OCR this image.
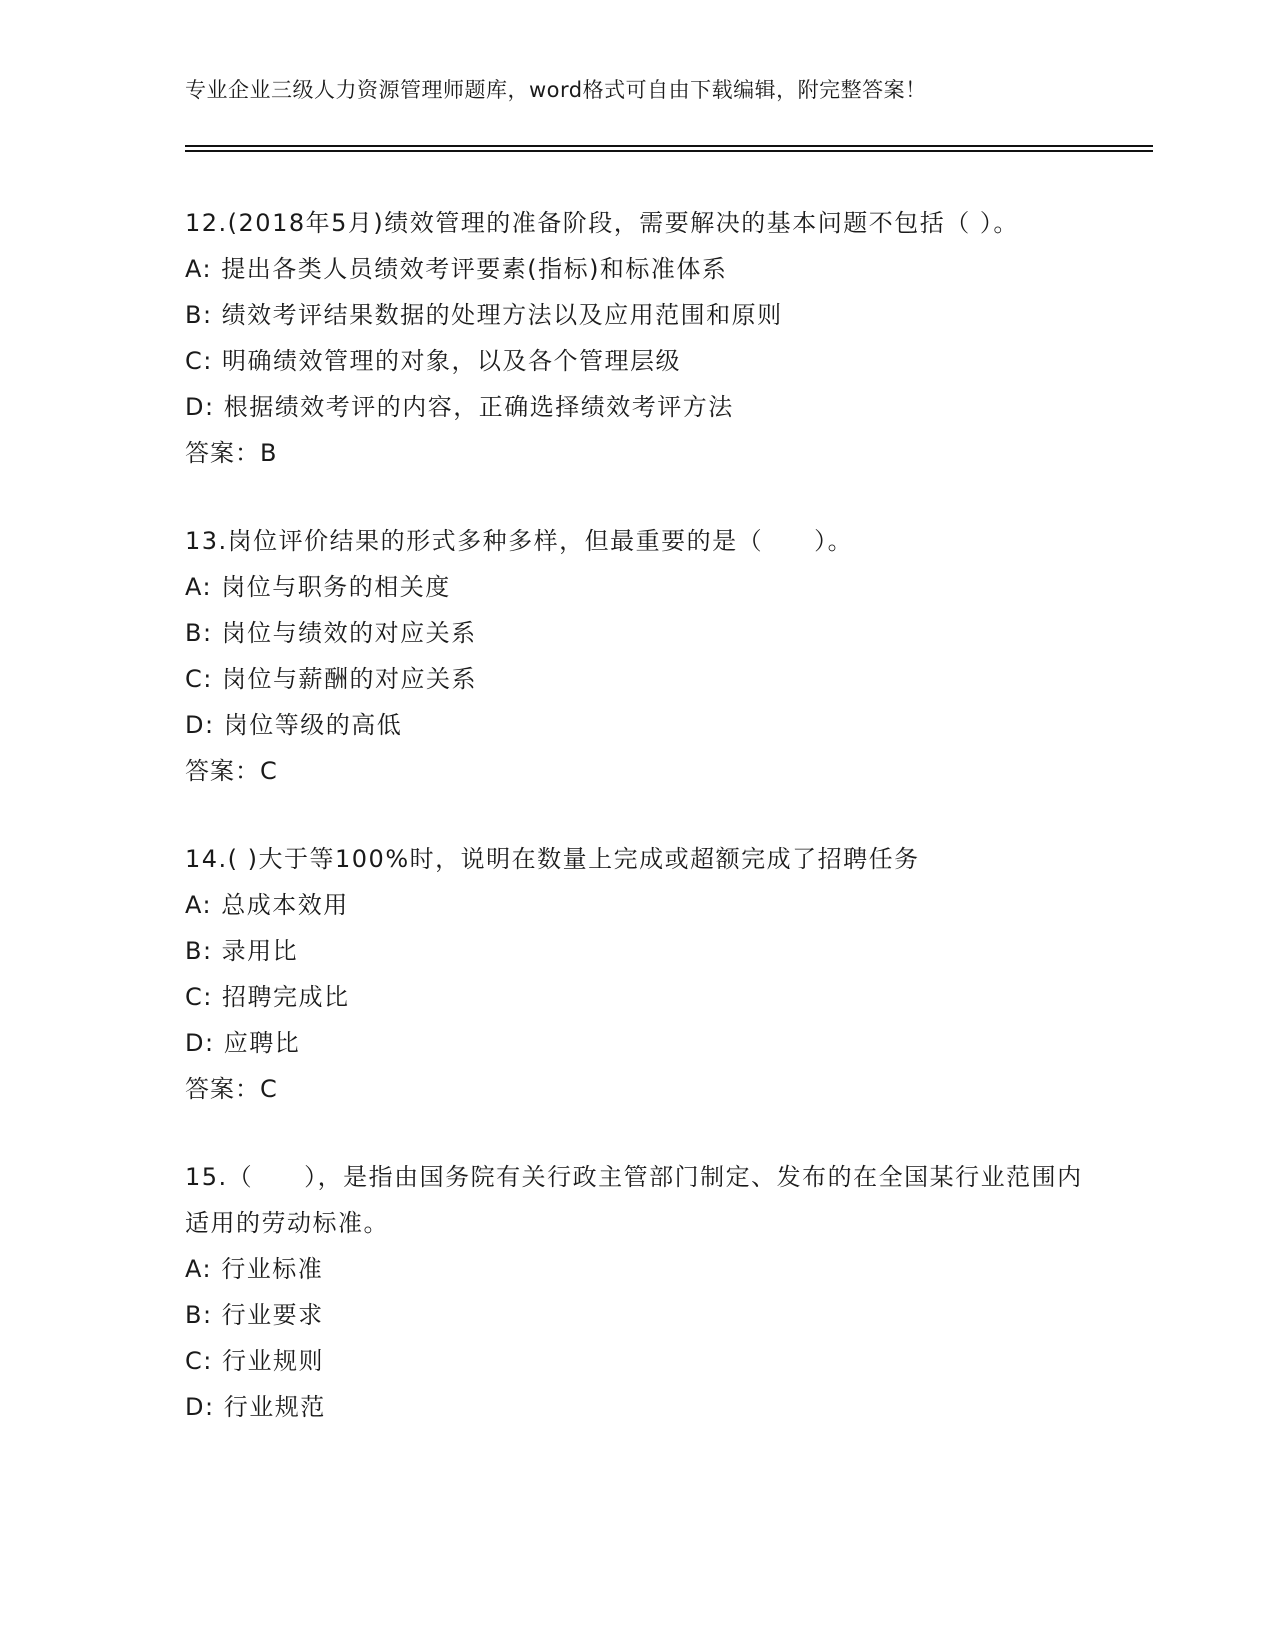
专业企业三级人力资源管理师题库，word格式可自由下载编辑，附完整答案！
12.(2018年5月)绩效管理的准备阶段，需要解决的基本问题不包括（ ）。
A: 提出各类人员绩效考评要素(指标)和标准体系
B: 绩效考评结果数据的处理方法以及应用范围和原则
C: 明确绩效管理的对象，以及各个管理层级
D: 根据绩效考评的内容，正确选择绩效考评方法
答案：B
13.岗位评价结果的形式多种多样，但最重要的是（　　）。
A: 岗位与职务的相关度
B: 岗位与绩效的对应关系
C: 岗位与薪酬的对应关系
D: 岗位等级的高低
答案：C
14.( )大于等100%时，说明在数量上完成或超额完成了招聘任务
A: 总成本效用
B: 录用比
C: 招聘完成比
D: 应聘比
答案：C
15.（　　），是指由国务院有关行政主管部门制定、发布的在全国某行业范围内适用的劳动标准。
A: 行业标准
B: 行业要求
C: 行业规则
D: 行业规范
